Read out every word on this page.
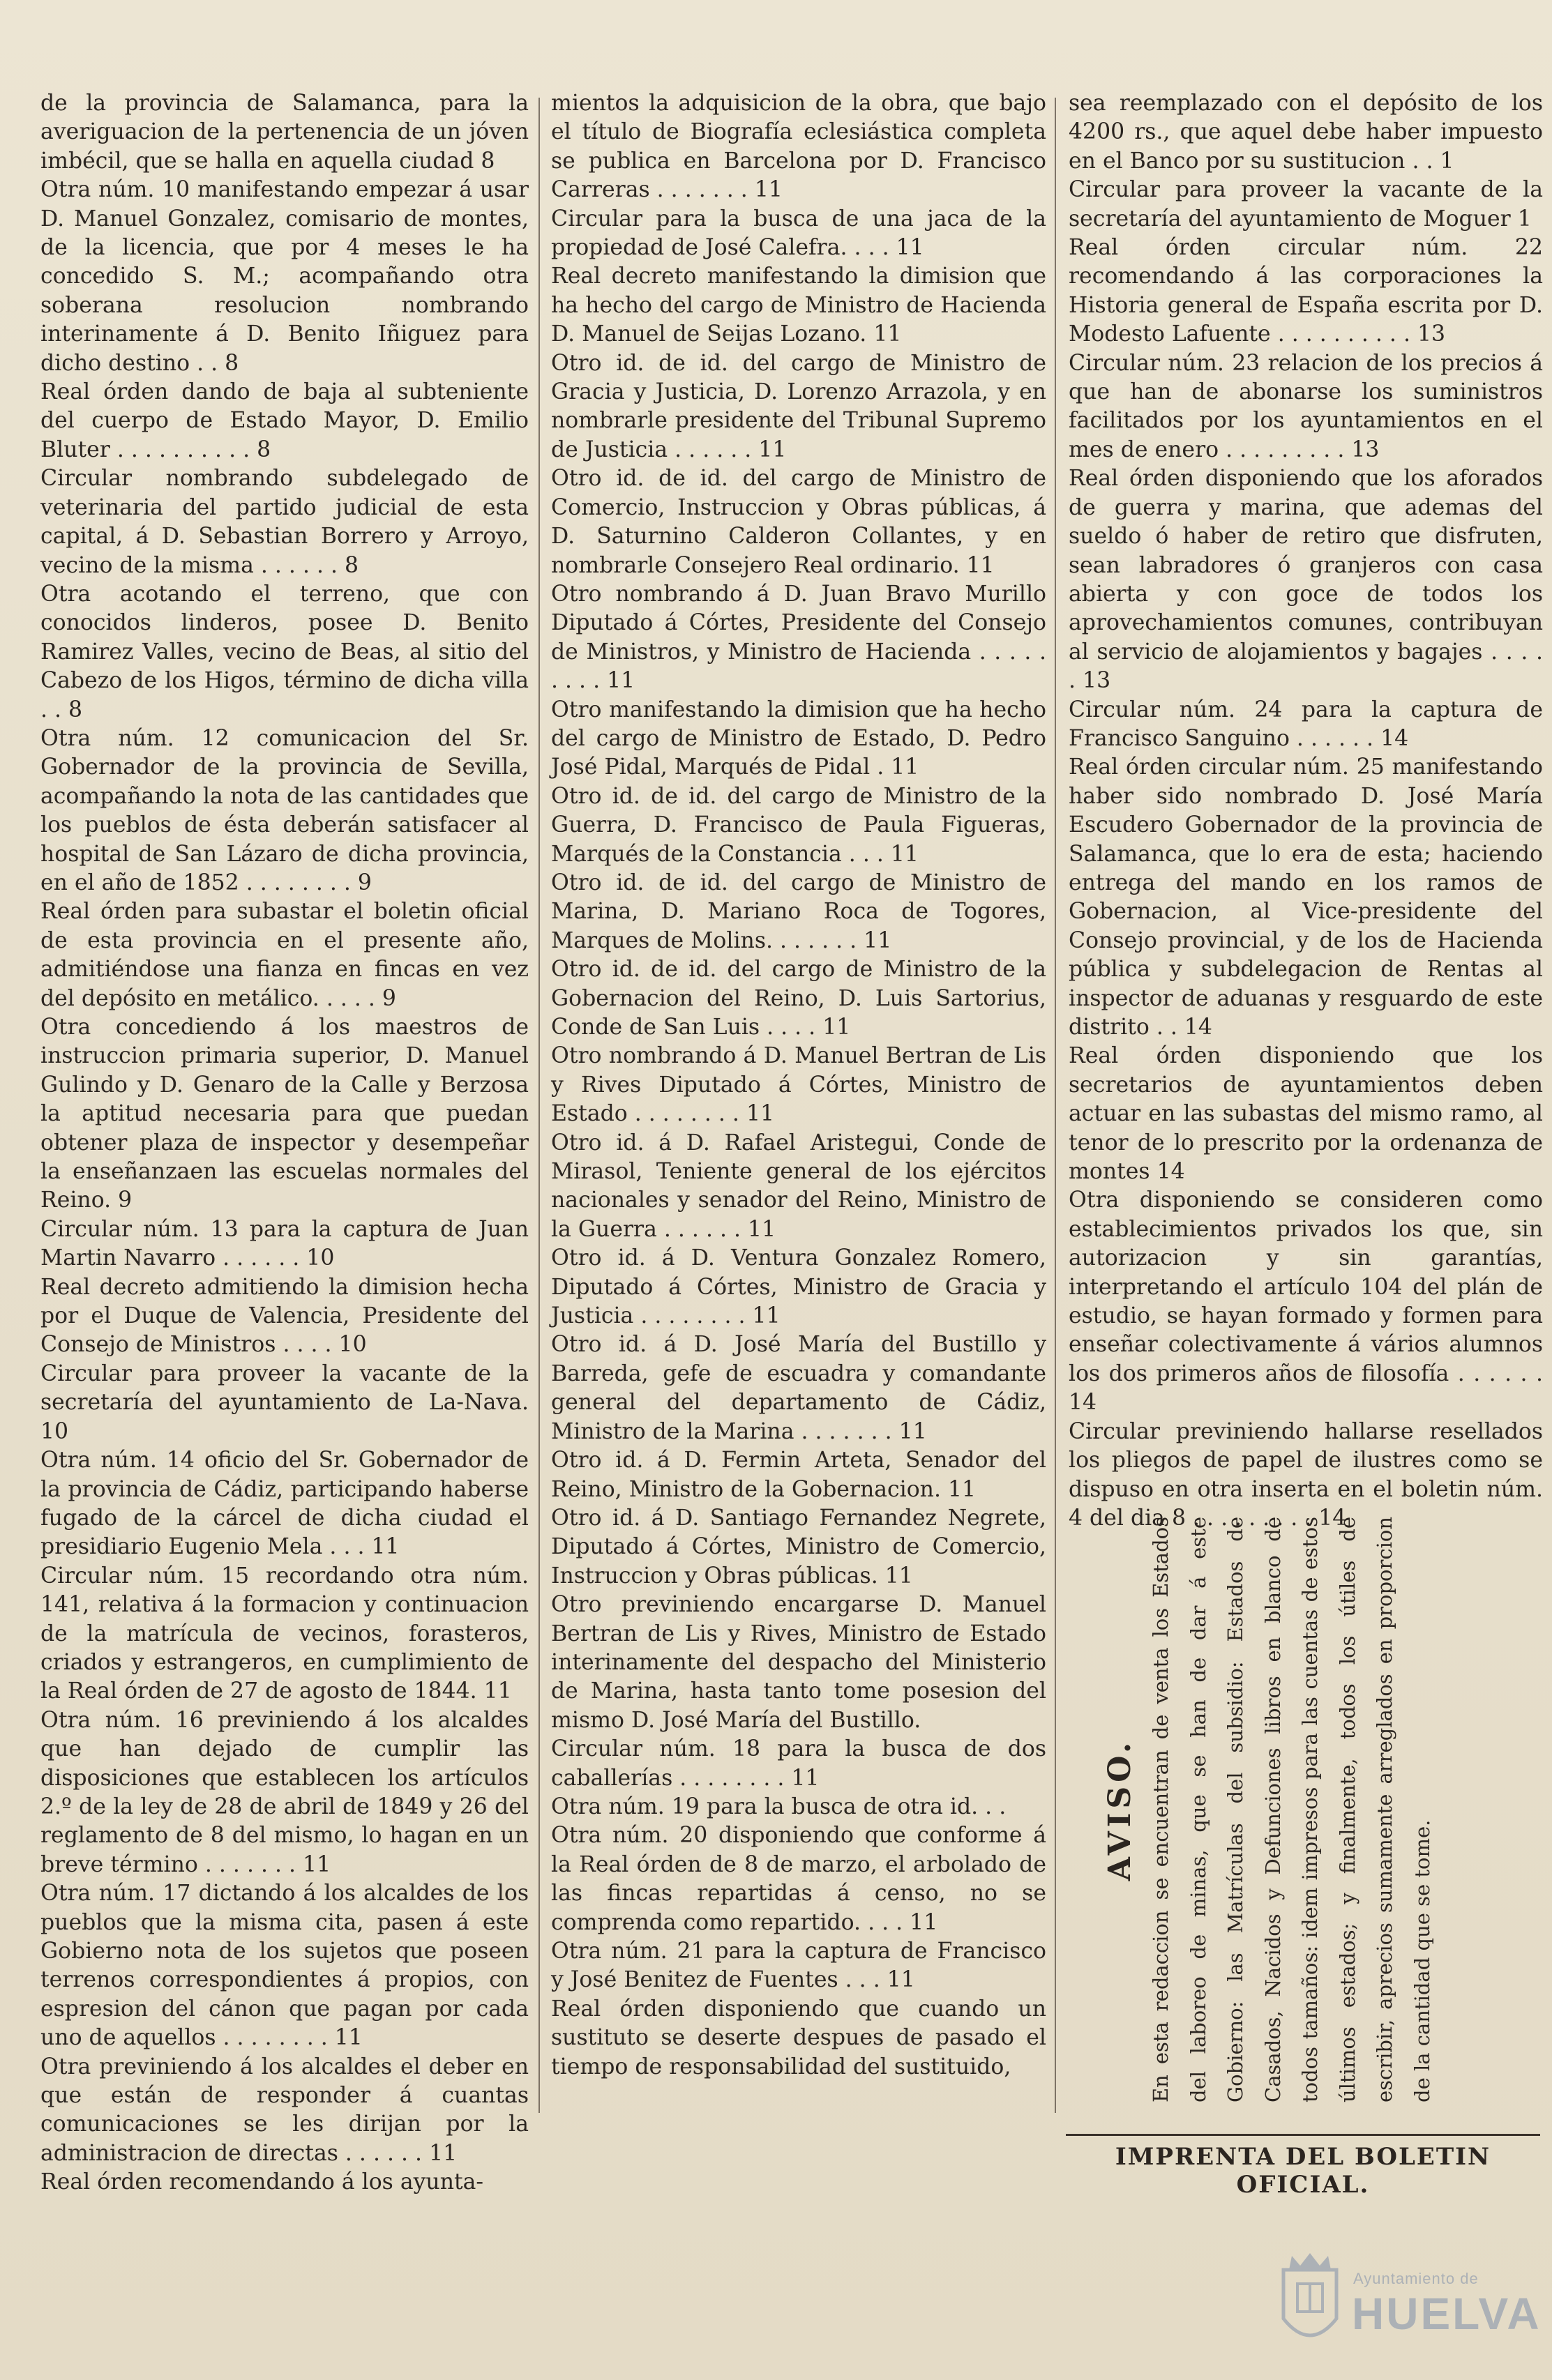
de la provincia de Salamanca, para la averiguacion de la pertenencia de un jóven imbécil, que se halla en aquella ciudad 8

Otra núm. 10 manifestando empezar á usar D. Manuel Gonzalez, comisario de montes, de la licencia, que por 4 meses le ha concedido S. M.; acompañando otra soberana resolucion nombrando interinamente á D. Benito Iñiguez para dicho destino . . 8

Real órden dando de baja al subteniente del cuerpo de Estado Mayor, D. Emilio Bluter . . . . . . . . . . 8

Circular nombrando subdelegado de veterinaria del partido judicial de esta capital, á D. Sebastian Borrero y Arroyo, vecino de la misma . . . . . . 8

Otra acotando el terreno, que con conocidos linderos, posee D. Benito Ramirez Valles, vecino de Beas, al sitio del Cabezo de los Higos, término de dicha villa . . 8

Otra núm. 12 comunicacion del Sr. Gobernador de la provincia de Sevilla, acompañando la nota de las cantidades que los pueblos de ésta deberán satisfacer al hospital de San Lázaro de dicha provincia, en el año de 1852 . . . . . . . . 9

Real órden para subastar el boletin oficial de esta provincia en el presente año, admitiéndose una fianza en fincas en vez del depósito en metálico. . . . . 9

Otra concediendo á los maestros de instruccion primaria superior, D. Manuel Gulindo y D. Genaro de la Calle y Berzosa la aptitud necesaria para que puedan obtener plaza de inspector y desempeñar la enseñanzaen las escuelas normales del Reino. 9

Circular núm. 13 para la captura de Juan Martin Navarro . . . . . . 10

Real decreto admitiendo la dimision hecha por el Duque de Valencia, Presidente del Consejo de Ministros . . . . 10

Circular para proveer la vacante de la secretaría del ayuntamiento de La-Nava. 10

Otra núm. 14 oficio del Sr. Gobernador de la provincia de Cádiz, participando haberse fugado de la cárcel de dicha ciudad el presidiario Eugenio Mela . . . 11

Circular núm. 15 recordando otra núm. 141, relativa á la formacion y continuacion de la matrícula de vecinos, forasteros, criados y estrangeros, en cumplimiento de la Real órden de 27 de agosto de 1844. 11

Otra núm. 16 previniendo á los alcaldes que han dejado de cumplir las disposiciones que establecen los artículos 2.º de la ley de 28 de abril de 1849 y 26 del reglamento de 8 del mismo, lo hagan en un breve término . . . . . . . 11

Otra núm. 17 dictando á los alcaldes de los pueblos que la misma cita, pasen á este Gobierno nota de los sujetos que poseen terrenos correspondientes á propios, con espresion del cánon que pagan por cada uno de aquellos . . . . . . . . 11

Otra previniendo á los alcaldes el deber en que están de responder á cuantas comunicaciones se les dirijan por la administracion de directas . . . . . . 11

Real órden recomendando á los ayunta-

mientos la adquisicion de la obra, que bajo el título de Biografía eclesiástica completa se publica en Barcelona por D. Francisco Carreras . . . . . . . 11

Circular para la busca de una jaca de la propiedad de José Calefra. . . . 11

Real decreto manifestando la dimision que ha hecho del cargo de Ministro de Hacienda D. Manuel de Seijas Lozano. 11

Otro id. de id. del cargo de Ministro de Gracia y Justicia, D. Lorenzo Arrazola, y en nombrarle presidente del Tribunal Supremo de Justicia . . . . . . 11

Otro id. de id. del cargo de Ministro de Comercio, Instruccion y Obras públicas, á D. Saturnino Calderon Collantes, y en nombrarle Consejero Real ordinario. 11

Otro nombrando á D. Juan Bravo Murillo Diputado á Córtes, Presidente del Consejo de Ministros, y Ministro de Hacienda . . . . . . . . . 11

Otro manifestando la dimision que ha hecho del cargo de Ministro de Estado, D. Pedro José Pidal, Marqués de Pidal . 11

Otro id. de id. del cargo de Ministro de la Guerra, D. Francisco de Paula Figueras, Marqués de la Constancia . . . 11

Otro id. de id. del cargo de Ministro de Marina, D. Mariano Roca de Togores, Marques de Molins. . . . . . . 11

Otro id. de id. del cargo de Ministro de la Gobernacion del Reino, D. Luis Sartorius, Conde de San Luis . . . . 11

Otro nombrando á D. Manuel Bertran de Lis y Rives Diputado á Córtes, Ministro de Estado . . . . . . . . 11

Otro id. á D. Rafael Aristegui, Conde de Mirasol, Teniente general de los ejércitos nacionales y senador del Reino, Ministro de la Guerra . . . . . . 11

Otro id. á D. Ventura Gonzalez Romero, Diputado á Córtes, Ministro de Gracia y Justicia . . . . . . . . 11

Otro id. á D. José María del Bustillo y Barreda, gefe de escuadra y comandante general del departamento de Cádiz, Ministro de la Marina . . . . . . . 11

Otro id. á D. Fermin Arteta, Senador del Reino, Ministro de la Gobernacion. 11

Otro id. á D. Santiago Fernandez Negrete, Diputado á Córtes, Ministro de Comercio, Instruccion y Obras públicas. 11

Otro previniendo encargarse D. Manuel Bertran de Lis y Rives, Ministro de Estado interinamente del despacho del Ministerio de Marina, hasta tanto tome posesion del mismo D. José María del Bustillo.

Circular núm. 18 para la busca de dos caballerías . . . . . . . . 11

Otra núm. 19 para la busca de otra id. . .

Otra núm. 20 disponiendo que conforme á la Real órden de 8 de marzo, el arbolado de las fincas repartidas á censo, no se comprenda como repartido. . . . 11

Otra núm. 21 para la captura de Francisco y José Benitez de Fuentes . . . 11

Real órden disponiendo que cuando un sustituto se deserte despues de pasado el tiempo de responsabilidad del sustituido,

sea reemplazado con el depósito de los 4200 rs., que aquel debe haber impuesto en el Banco por su sustitucion . . 1

Circular para proveer la vacante de la secretaría del ayuntamiento de Moguer 1

Real órden circular núm. 22 recomendando á las corporaciones la Historia general de España escrita por D. Modesto Lafuente . . . . . . . . . . 13

Circular núm. 23 relacion de los precios á que han de abonarse los suministros facilitados por los ayuntamientos en el mes de enero . . . . . . . . . 13

Real órden disponiendo que los aforados de guerra y marina, que ademas del sueldo ó haber de retiro que disfruten, sean labradores ó granjeros con casa abierta y con goce de todos los aprovechamientos comunes, contribuyan al servicio de alojamientos y bagajes . . . . . 13

Circular núm. 24 para la captura de Francisco Sanguino . . . . . . 14

Real órden circular núm. 25 manifestando haber sido nombrado D. José María Escudero Gobernador de la provincia de Salamanca, que lo era de esta; haciendo entrega del mando en los ramos de Gobernacion, al Vice-presidente del Consejo provincial, y de los de Hacienda pública y subdelegacion de Rentas al inspector de aduanas y resguardo de este distrito . . 14

Real órden disponiendo que los secretarios de ayuntamientos deben actuar en las subastas del mismo ramo, al tenor de lo prescrito por la ordenanza de montes 14

Otra disponiendo se consideren como establecimientos privados los que, sin autorizacion y sin garantías, interpretando el artículo 104 del plán de estudio, se hayan formado y formen para enseñar colectivamente á vários alumnos los dos primeros años de filosofía . . . . . . 14

Circular previniendo hallarse resellados los pliegos de papel de ilustres como se dispuso en otra inserta en el boletin núm. 4 del dia 8 . . . . . . . . . 14

AVISO. En esta redaccion se encuentran de venta los Estados del laboreo de minas, que se han de dar á este Gobierno: las Matrículas del subsidio: Estados de Casados, Nacidos y Defunciones libros en blanco de todos tamaños: idem impresos para las cuentas de estos últimos estados; y finalmente, todos los útiles de escribir, aprecios sumamente arreglados en proporcion de la cantidad que se tome.
IMPRENTA DEL BOLETIN OFICIAL.
Ayuntamiento de
HUELVA
